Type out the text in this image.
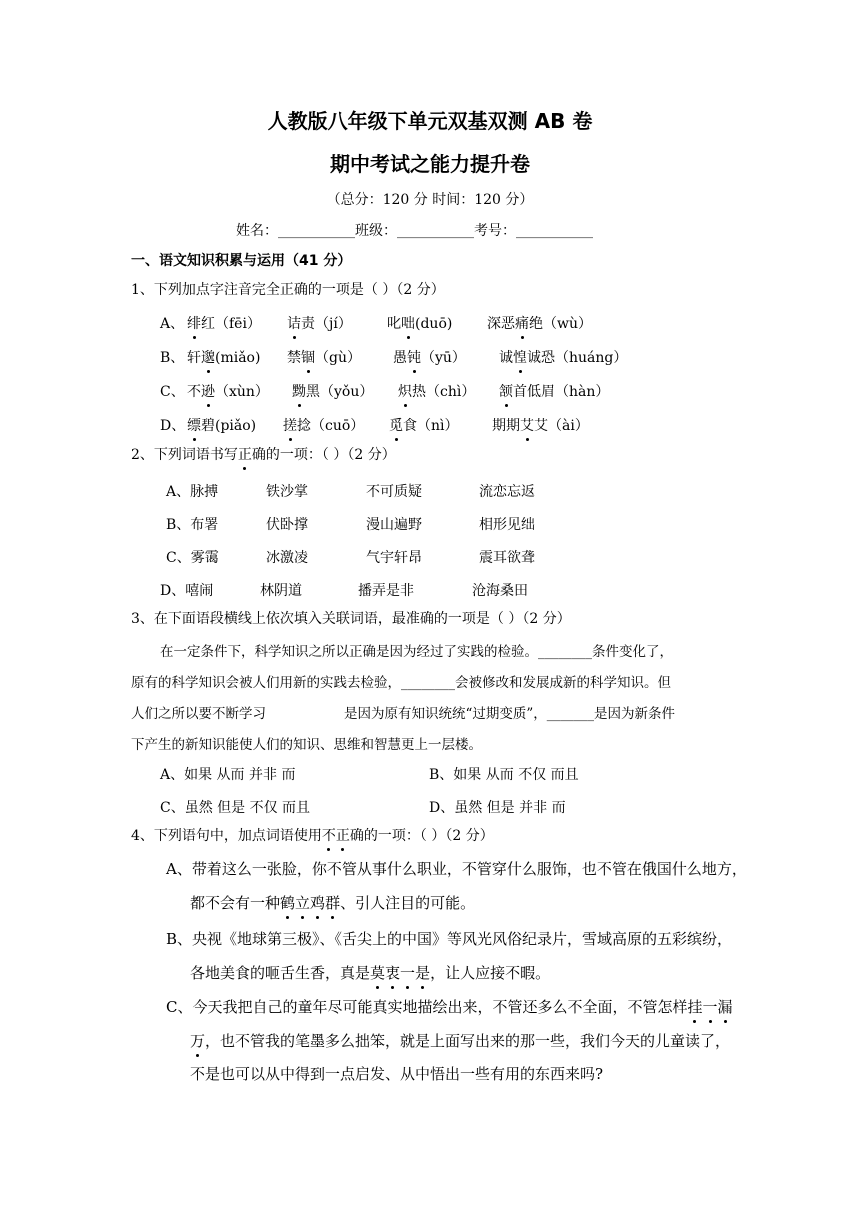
人教版八年级下单元双基双测 AB 卷
期中考试之能力提升卷
（总分：120 分 时间：120 分）
姓名：___________班级：___________考号：___________
一、语文知识积累与运用（41 分）
1、下列加点字注音完全正确的一项是（ ）（2 分）
A、 绯红（fēi） 诘责（jí）	叱咄(duō) 深恶痛绝（wù）
B、 轩邈(miǎo) 禁锢（gù） 愚钝（yū） 诚惶诚恐（huáng）
C、 不逊（xùn） 黝黑（yǒu） 炽热（chì） 颔首低眉（hàn）
D、 缥碧(piǎo) 搓捻（cuō） 觅食（nì） 期期艾艾（ài）
2、下列词语书写正确的一项：（ ）（2 分）
A、脉搏	铁沙掌	不可质疑	流恋忘返
B、布署	伏卧撑	漫山遍野	相形见绌
C、雾霭	冰激凌	气宇轩昂	震耳欲聋
D、嘻闹	林阴道	播弄是非	沧海桑田
3、在下面语段横线上依次填入关联词语，最准确的一项是（ ）（2 分）
在一定条件下，科学知识之所以正确是因为经过了实践的检验。________条件变化了，
原有的科学知识会被人们用新的实践去检验，________会被修改和发展成新的科学知识。但
人们之所以要不断学习	是因为原有知识统统“过期变质”，_______是因为新条件
下产生的新知识能使人们的知识、思维和智慧更上一层楼。
A、如果 从而 并非 而	B、如果 从而 不仅 而且
C、虽然 但是 不仅 而且	D、虽然 但是 并非 而
4、下列语句中，加点词语使用不正确的一项：（ ）（2 分）
A、带着这么一张脸，你不管从事什么职业，不管穿什么服饰，也不管在俄国什么地方，
都不会有一种鹤立鸡群、引人注目的可能。
B、央视《地球第三极》、《舌尖上的中国》等风光风俗纪录片，雪域高原的五彩缤纷，
各地美食的咂舌生香，真是莫衷一是，让人应接不暇。
C、今天我把自己的童年尽可能真实地描绘出来，不管还多么不全面，不管怎样挂一漏
万，也不管我的笔墨多么拙笨，就是上面写出来的那一些，我们今天的儿童读了，
不是也可以从中得到一点启发、从中悟出一些有用的东西来吗?
